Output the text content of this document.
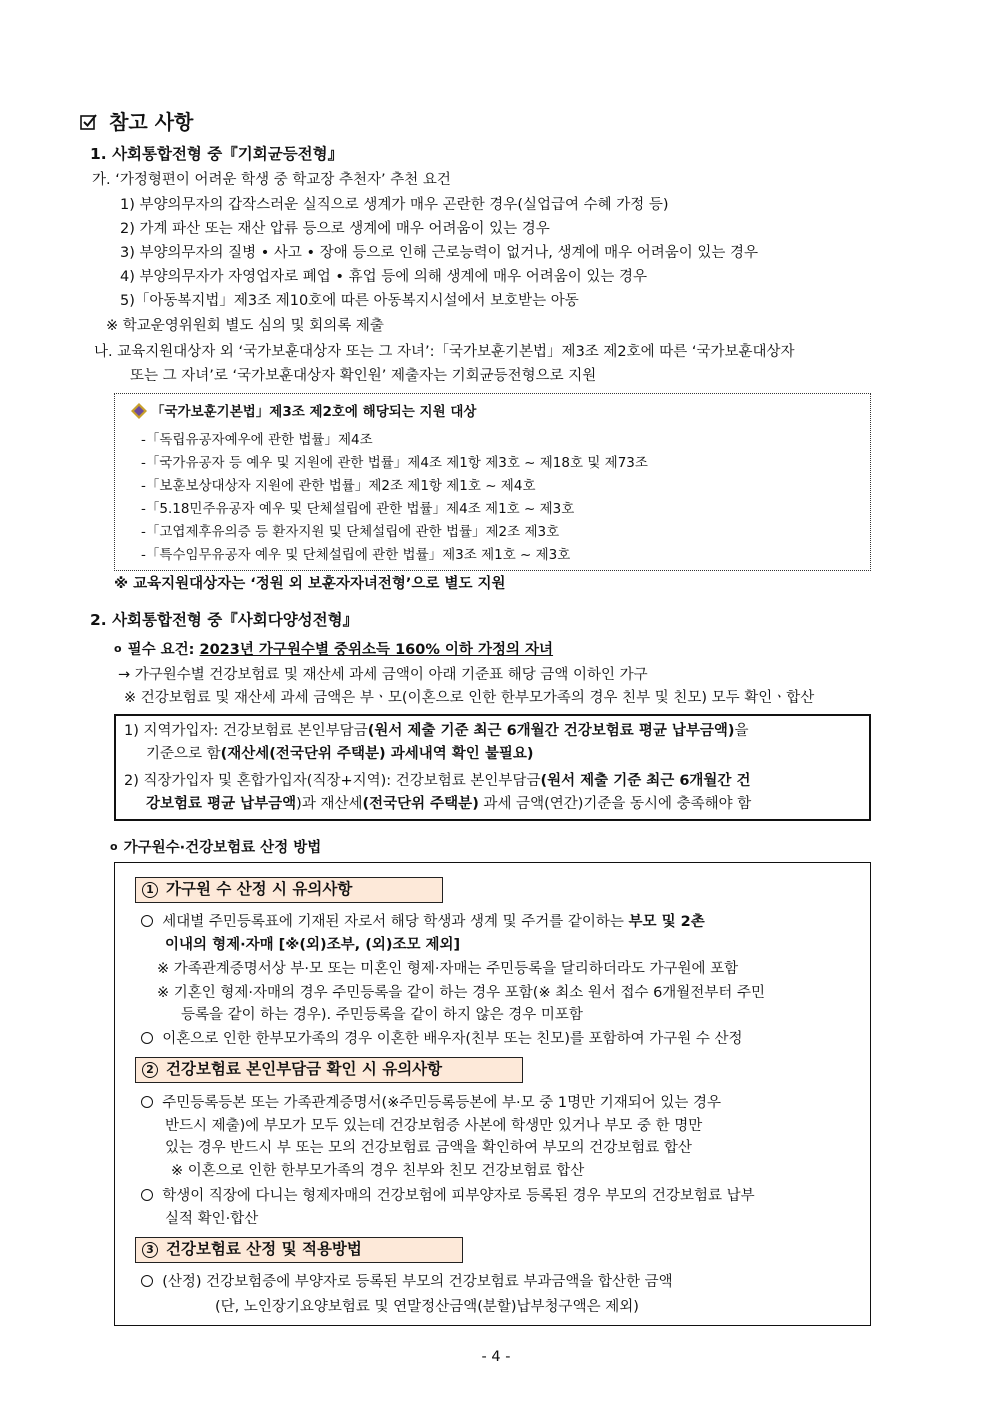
참고 사항
1. 사회통합전형 중『기회균등전형』
가. ‘가정형편이 어려운 학생 중 학교장 추천자’ 추천 요건
1) 부양의무자의 갑작스러운 실직으로 생계가 매우 곤란한 경우(실업급여 수혜 가정 등)
2) 가계 파산 또는 재산 압류 등으로 생계에 매우 어려움이 있는 경우
3) 부양의무자의 질병 • 사고 • 장애 등으로 인해 근로능력이 없거나, 생계에 매우 어려움이 있는 경우
4) 부양의무자가 자영업자로 폐업 • 휴업 등에 의해 생계에 매우 어려움이 있는 경우
5)「아동복지법」제3조 제10호에 따른 아동복지시설에서 보호받는 아동
※ 학교운영위원회 별도 심의 및 회의록 제출
나. 교육지원대상자 외 ‘국가보훈대상자 또는 그 자녀’:「국가보훈기본법」제3조 제2호에 따른 ‘국가보훈대상자
또는 그 자녀’로 ‘국가보훈대상자 확인원’ 제출자는 기회균등전형으로 지원
「국가보훈기본법」제3조 제2호에 해당되는 지원 대상
-「독립유공자예우에 관한 법률」제4조
-「국가유공자 등 예우 및 지원에 관한 법률」제4조 제1항 제3호 ~ 제18호 및 제73조
-「보훈보상대상자 지원에 관한 법률」제2조 제1항 제1호 ~ 제4호
-「5.18민주유공자 예우 및 단체설립에 관한 법률」제4조 제1호 ~ 제3호
-「고엽제후유의증 등 환자지원 및 단체설립에 관한 법률」제2조 제3호
-「특수임무유공자 예우 및 단체설립에 관한 법률」제3조 제1호 ~ 제3호
※ 교육지원대상자는 ‘정원 외 보훈자자녀전형’으로 별도 지원
2. 사회통합전형 중『사회다양성전형』
o 필수 요건: 2023년 가구원수별 중위소득 160% 이하 가정의 자녀
→ 가구원수별 건강보험료 및 재산세 과세 금액이 아래 기준표 해당 금액 이하인 가구
※ 건강보험료 및 재산세 과세 금액은 부ㆍ모(이혼으로 인한 한부모가족의 경우 친부 및 친모) 모두 확인ㆍ합산
1) 지역가입자: 건강보험료 본인부담금(원서 제출 기준 최근 6개월간 건강보험료 평균 납부금액)을
기준으로 함(재산세(전국단위 주택분) 과세내역 확인 불필요)
2) 직장가입자 및 혼합가입자(직장+지역): 건강보험료 본인부담금(원서 제출 기준 최근 6개월간 건
강보험료 평균 납부금액)과 재산세(전국단위 주택분) 과세 금액(연간)기준을 동시에 충족해야 함
o 가구원수·건강보험료 산정 방법
1 가구원 수 산정 시 유의사항
세대별 주민등록표에 기재된 자로서 해당 학생과 생계 및 주거를 같이하는 부모 및 2촌
이내의 형제·자매 [※(외)조부, (외)조모 제외]
※ 가족관계증명서상 부·모 또는 미혼인 형제·자매는 주민등록을 달리하더라도 가구원에 포함
※ 기혼인 형제·자매의 경우 주민등록을 같이 하는 경우 포함(※ 최소 원서 접수 6개월전부터 주민
등록을 같이 하는 경우). 주민등록을 같이 하지 않은 경우 미포함
이혼으로 인한 한부모가족의 경우 이혼한 배우자(친부 또는 친모)를 포함하여 가구원 수 산정
2 건강보험료 본인부담금 확인 시 유의사항
주민등록등본 또는 가족관계증명서(※주민등록등본에 부·모 중 1명만 기재되어 있는 경우
반드시 제출)에 부모가 모두 있는데 건강보험증 사본에 학생만 있거나 부모 중 한 명만
있는 경우 반드시 부 또는 모의 건강보험료 금액을 확인하여 부모의 건강보험료 합산
※ 이혼으로 인한 한부모가족의 경우 친부와 친모 건강보험료 합산
학생이 직장에 다니는 형제자매의 건강보험에 피부양자로 등록된 경우 부모의 건강보험료 납부
실적 확인·합산
3 건강보험료 산정 및 적용방법
(산정) 건강보험증에 부양자로 등록된 부모의 건강보험료 부과금액을 합산한 금액
(단, 노인장기요양보험료 및 연말정산금액(분할)납부청구액은 제외)
- 4 -
